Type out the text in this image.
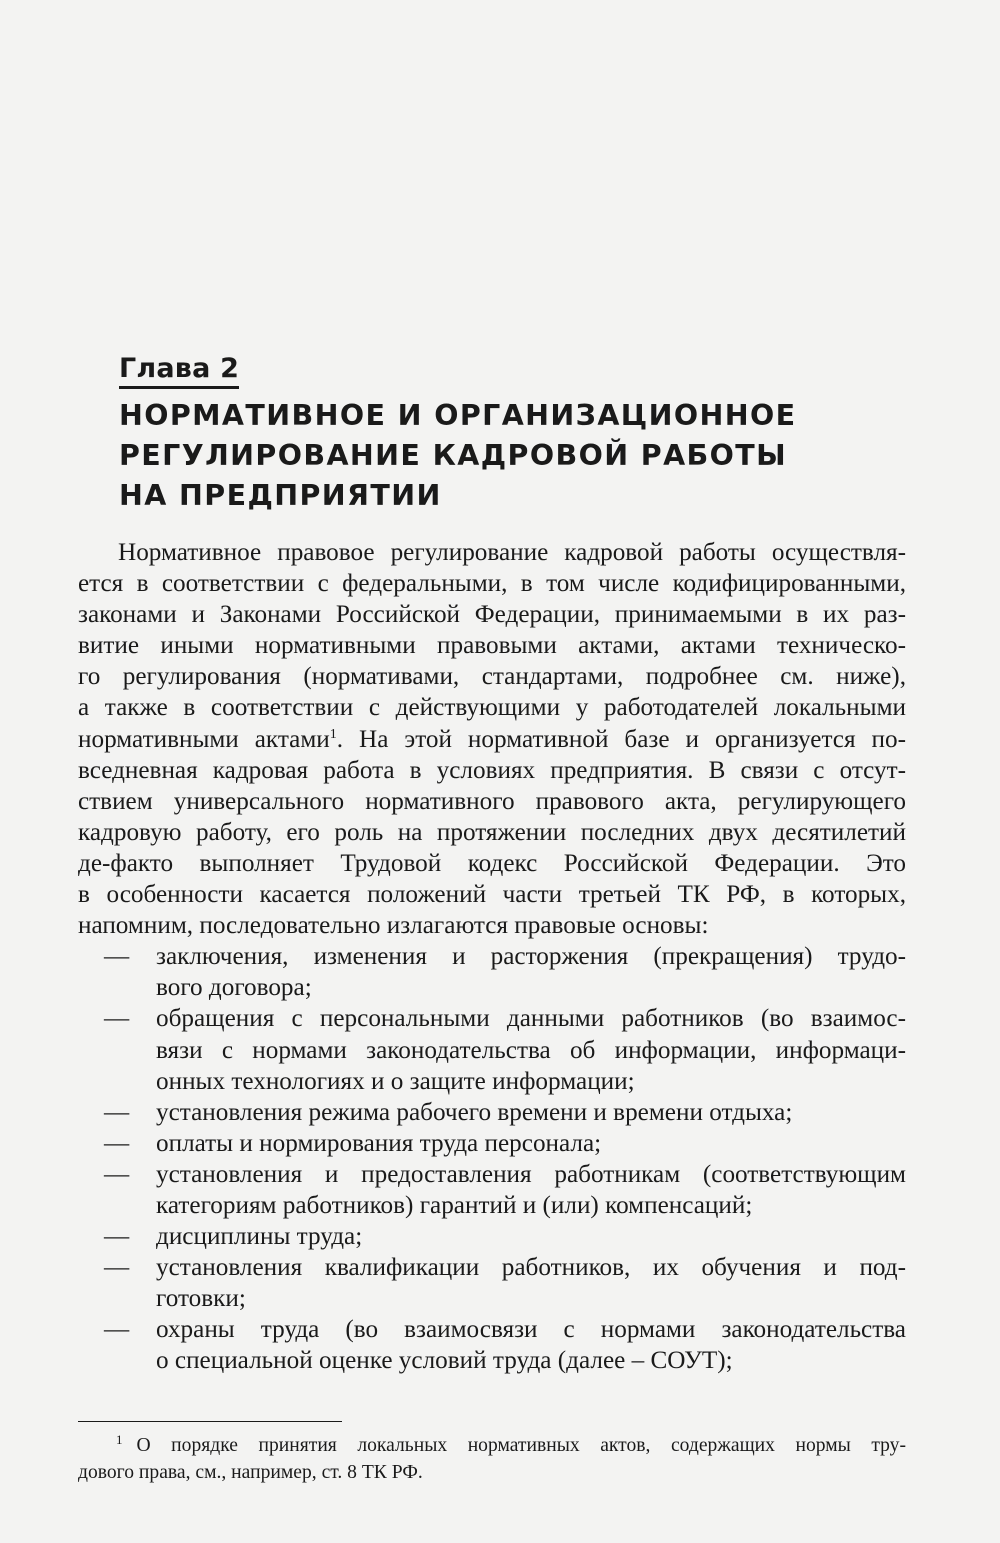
Глава 2
НОРМАТИВНОЕ И ОРГАНИЗАЦИОННОЕ
РЕГУЛИРОВАНИЕ КАДРОВОЙ РАБОТЫ
НА ПРЕДПРИЯТИИ
Нормативное правовое регулирование кадровой работы осуществля-
ется в соответствии с федеральными, в том числе кодифицированными,
законами и Законами Российской Федерации, принимаемыми в их раз-
витие иными нормативными правовыми актами, актами техническо-
го регулирования (нормативами, стандартами, подробнее см. ниже),
а также в соответствии с действующими у работодателей локальными
нормативными актами$^1$. На этой нормативной базе и организуется по-
вседневная кадровая работа в условиях предприятия. В связи с отсут-
ствием универсального нормативного правового акта, регулирующего
кадровую работу, его роль на протяжении последних двух десятилетий
де-факто выполняет Трудовой кодекс Российской Федерации. Это
в особенности касается положений части третьей ТК РФ, в которых,
напомним, последовательно излагаются правовые основы:
— заключения, изменения и расторжения (прекращения) трудо-
вого договора;
— обращения с персональными данными работников (во взаимос-
вязи с нормами законодательства об информации, информаци-
онных технологиях и о защите информации;
— установления режима рабочего времени и времени отдыха;
— оплаты и нормирования труда персонала;
— установления и предоставления работникам (соответствующим
категориям работников) гарантий и (или) компенсаций;
— дисциплины труда;
— установления квалификации работников, их обучения и под-
готовки;
— охраны труда (во взаимосвязи с нормами законодательства
о специальной оценке условий труда (далее – СОУТ);
$^1$ О порядке принятия локальных нормативных актов, содержащих нормы тру-
дового права, см., например, ст. 8 ТК РФ.
